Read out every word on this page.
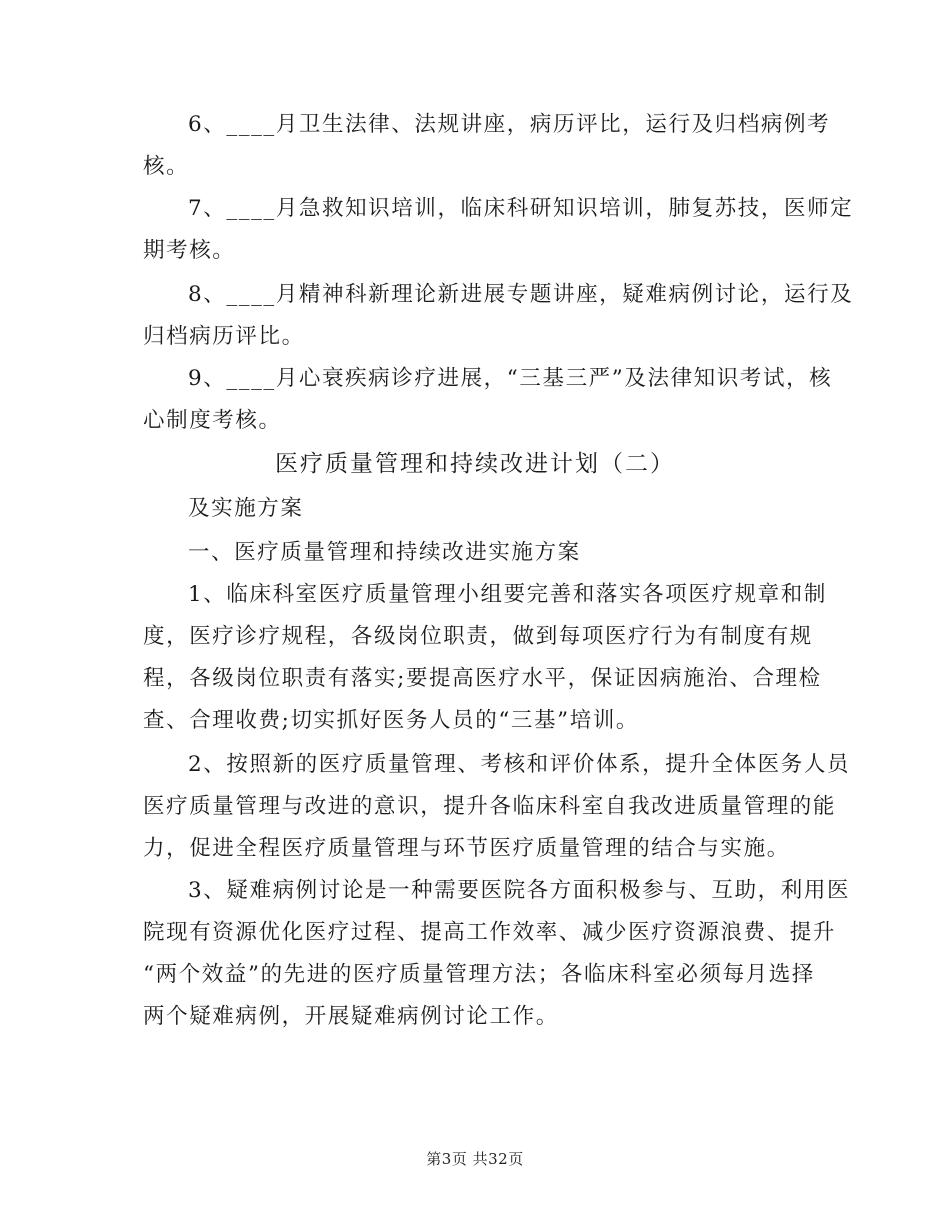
6、____月卫生法律、法规讲座，病历评比，运行及归档病例考
核。
7、____月急救知识培训，临床科研知识培训，肺复苏技，医师定
期考核。
8、____月精神科新理论新进展专题讲座，疑难病例讨论，运行及
归档病历评比。
9、____月心衰疾病诊疗进展，“三基三严”及法律知识考试，核
心制度考核。
医疗质量管理和持续改进计划（二）
及实施方案
一、医疗质量管理和持续改进实施方案
1、临床科室医疗质量管理小组要完善和落实各项医疗规章和制
度，医疗诊疗规程，各级岗位职责，做到每项医疗行为有制度有规
程，各级岗位职责有落实;要提高医疗水平，保证因病施治、合理检
查、合理收费;切实抓好医务人员的“三基”培训。
2、按照新的医疗质量管理、考核和评价体系，提升全体医务人员
医疗质量管理与改进的意识，提升各临床科室自我改进质量管理的能
力，促进全程医疗质量管理与环节医疗质量管理的结合与实施。
3、疑难病例讨论是一种需要医院各方面积极参与、互助，利用医
院现有资源优化医疗过程、提高工作效率、减少医疗资源浪费、提升
“两个效益”的先进的医疗质量管理方法；各临床科室必须每月选择
两个疑难病例，开展疑难病例讨论工作。
第3页 共32页
